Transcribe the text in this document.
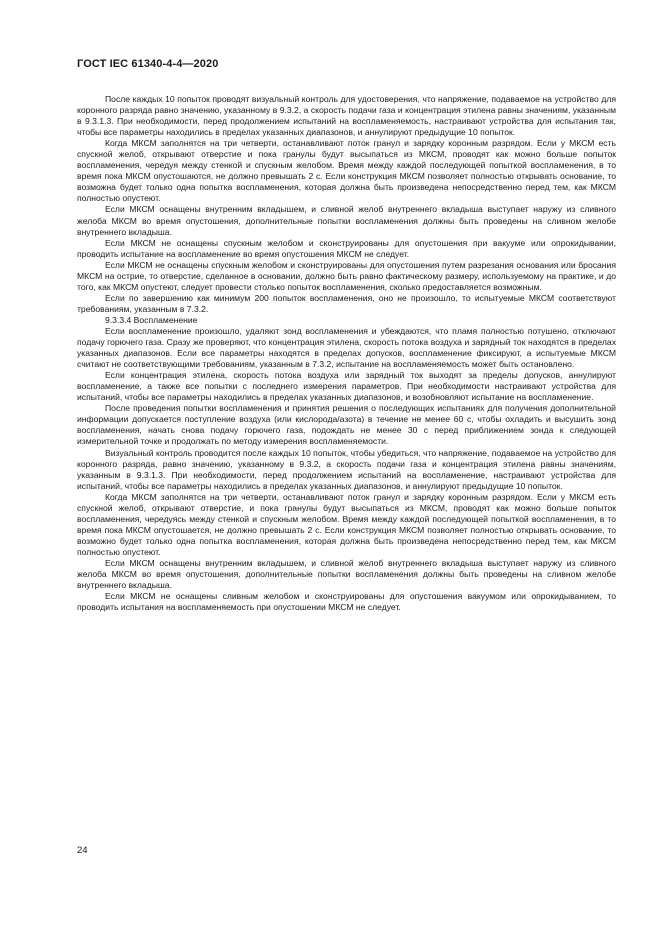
ГОСТ IEC 61340-4-4—2020

После каждых 10 попыток проводят визуальный контроль для удостоверения, что напряжение, подаваемое на устройство для коронного разряда равно значению, указанному в 9.3.2, а скорость подачи газа и концентрация этилена равны значениям, указанным в 9.3.1.3. При необходимости, перед продолжением испытаний на воспламеняемость, настраивают устройства для испытания так, чтобы все параметры находились в пределах указанных диапазонов, и аннулируют предыдущие 10 попыток.

Когда МКСМ заполнятся на три четверти, останавливают поток гранул и зарядку коронным разрядом. Если у МКСМ есть спускной желоб, открывают отверстие и пока гранулы будут высыпаться из МКСМ, проводят как можно больше попыток воспламенения, чередуя между стенкой и спускным желобом. Время между каждой последующей попыткой воспламенения, в то время пока МКСМ опустошаются, не должно превышать 2 с. Если конструкция МКСМ позволяет полностью открывать основание, то возможна будет только одна попытка воспламенения, которая должна быть произведена непосредственно перед тем, как МКСМ полностью опустеют.

Если МКСМ оснащены внутренним вкладышем, и сливной желоб внутреннего вкладыша выступает наружу из сливного желоба МКСМ во время опустошения, дополнительные попытки воспламенения должны быть проведены на сливном желобе внутреннего вкладыша.

Если МКСМ не оснащены спускным желобом и сконструированы для опустошения при вакууме или опрокидывании, проводить испытание на воспламенение во время опустошения МКСМ не следует.

Если МКСМ не оснащены спускным желобом и сконструированы для опустошения путем разрезания основания или бросания МКСМ на острие, то отверстие, сделанное в основании, должно быть равно фактическому размеру, используемому на практике, и до того, как МКСМ опустеют, следует провести столько попыток воспламенения, сколько предоставляется возможным.

Если по завершению как минимум 200 попыток воспламенения, оно не произошло, то испытуемые МКСМ соответствуют требованиям, указанным в 7.3.2.

9.3.3.4 Воспламенение

Если воспламенение произошло, удаляют зонд воспламенения и убеждаются, что пламя полностью потушено, отключают подачу горючего газа. Сразу же проверяют, что концентрация этилена, скорость потока воздуха и зарядный ток находятся в пределах указанных диапазонов. Если все параметры находятся в пределах допусков, воспламенение фиксируют, а испытуемые МКСМ считают не соответствующими требованиям, указанным в 7.3.2, испытание на воспламеняемость может быть остановлено.

Если концентрация этилена, скорость потока воздуха или зарядный ток выходят за пределы допусков, аннулируют воспламенение, а также все попытки с последнего измерения параметров. При необходимости настраивают устройства для испытаний, чтобы все параметры находились в пределах указанных диапазонов, и возобновляют испытание на воспламенение.

После проведения попытки воспламенения и принятия решения о последующих испытаниях для получения дополнительной информации допускается поступление воздуха (или кислорода/азота) в течение не менее 60 с, чтобы охладить и высушить зонд воспламенения, начать снова подачу горючего газа, подождать не менее 30 с перед приближением зонда к следующей измерительной точке и продолжать по методу измерения воспламеняемости.

Визуальный контроль проводится после каждых 10 попыток, чтобы убедиться, что напряжение, подаваемое на устройство для коронного разряда, равно значению, указанному в 9.3.2, а скорость подачи газа и концентрация этилена равны значениям, указанным в 9.3.1.3. При необходимости, перед продолжением испытаний на воспламенение, настраивают устройства для испытаний, чтобы все параметры находились в пределах указанных диапазонов, и аннулируют предыдущие 10 попыток.

Когда МКСМ заполнятся на три четверти, останавливают поток гранул и зарядку коронным разрядом. Если у МКСМ есть спускной желоб, открывают отверстие, и пока гранулы будут высыпаться из МКСМ, проводят как можно больше попыток воспламенения, чередуясь между стенкой и спускным желобом. Время между каждой последующей попыткой воспламенения, в то время пока МКСМ опустошается, не должно превышать 2 с. Если конструкция МКСМ позволяет полностью открывать основание, то возможно будет только одна попытка воспламенения, которая должна быть произведена непосредственно перед тем, как МКСМ полностью опустеют.

Если МКСМ оснащены внутренним вкладышем, и сливной желоб внутреннего вкладыша выступает наружу из сливного желоба МКСМ во время опустошения, дополнительные попытки воспламенения должны быть проведены на сливном желобе внутреннего вкладыша.

Если МКСМ не оснащены сливным желобом и сконструированы для опустошения вакуумом или опрокидыванием, то проводить испытания на воспламеняемость при опустошении МКСМ не следует.

24
